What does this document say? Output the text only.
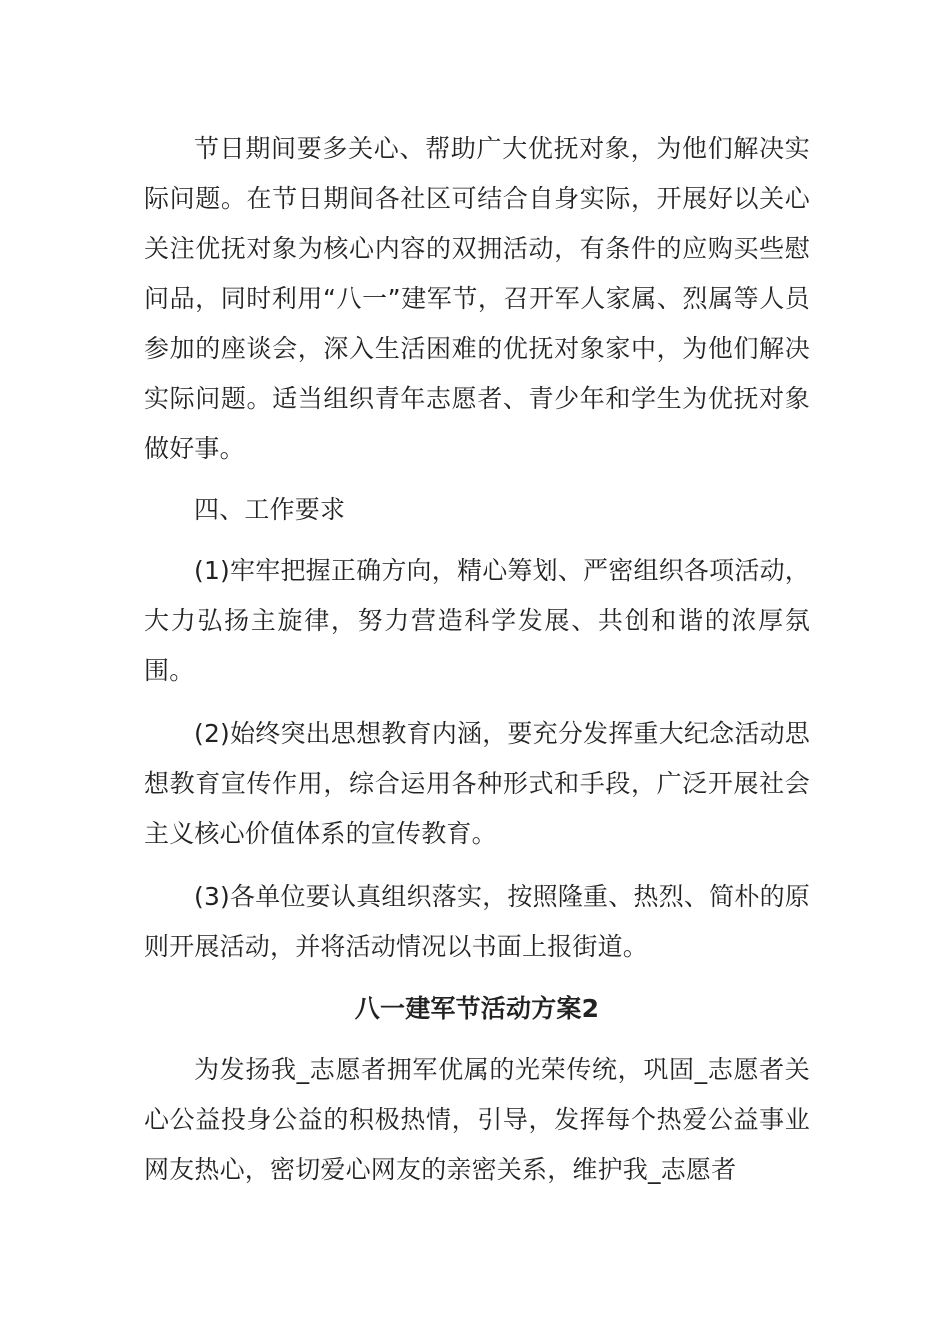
节日期间要多关心、帮助广大优抚对象，为他们解决实际问题。在节日期间各社区可结合自身实际，开展好以关心关注优抚对象为核心内容的双拥活动，有条件的应购买些慰问品，同时利用“八一”建军节，召开军人家属、烈属等人员参加的座谈会，深入生活困难的优抚对象家中，为他们解决实际问题。适当组织青年志愿者、青少年和学生为优抚对象做好事。

四、工作要求

(1)牢牢把握正确方向，精心筹划、严密组织各项活动，大力弘扬主旋律，努力营造科学发展、共创和谐的浓厚氛围。

(2)始终突出思想教育内涵，要充分发挥重大纪念活动思想教育宣传作用，综合运用各种形式和手段，广泛开展社会主义核心价值体系的宣传教育。

(3)各单位要认真组织落实，按照隆重、热烈、简朴的原则开展活动，并将活动情况以书面上报街道。

八一建军节活动方案2

为发扬我_志愿者拥军优属的光荣传统，巩固_志愿者关心公益投身公益的积极热情，引导，发挥每个热爱公益事业网友热心，密切爱心网友的亲密关系，维护我_志愿者
